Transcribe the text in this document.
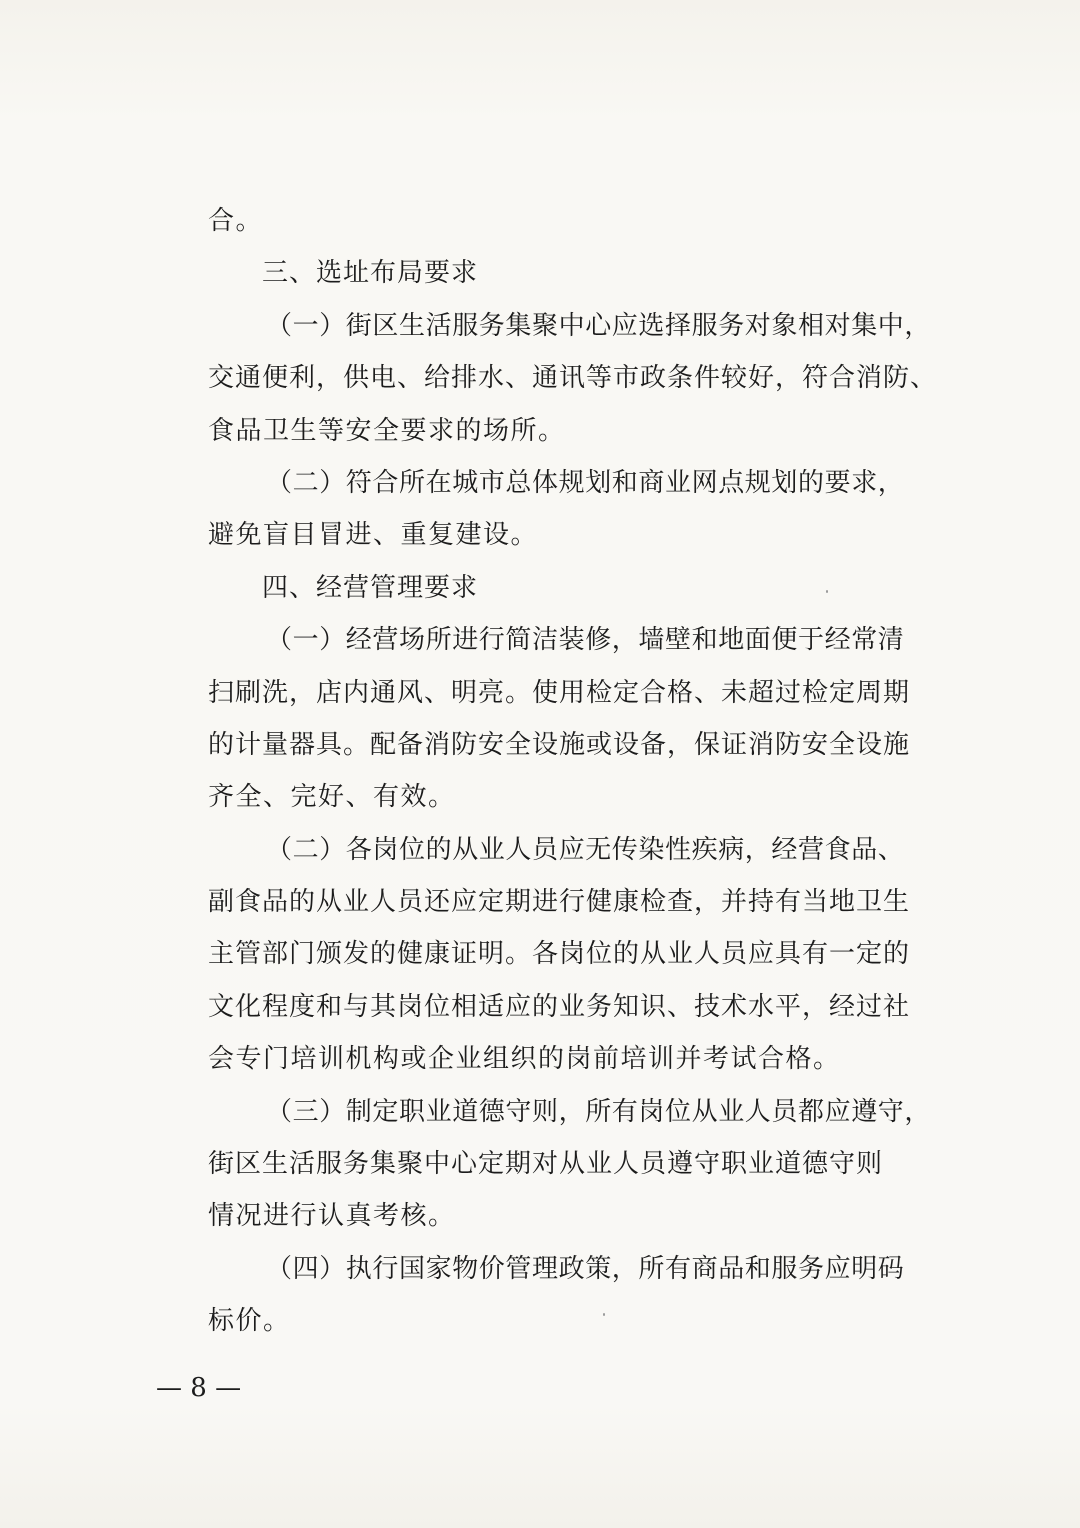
合。
三、选址布局要求
（一）街区生活服务集聚中心应选择服务对象相对集中，
交通便利，供电、给排水、通讯等市政条件较好，符合消防、
食品卫生等安全要求的场所。
（二）符合所在城市总体规划和商业网点规划的要求，
避免盲目冒进、重复建设。
四、经营管理要求
（一）经营场所进行简洁装修，墙壁和地面便于经常清
扫刷洗，店内通风、明亮。使用检定合格、未超过检定周期
的计量器具。配备消防安全设施或设备，保证消防安全设施
齐全、完好、有效。
（二）各岗位的从业人员应无传染性疾病，经营食品、
副食品的从业人员还应定期进行健康检查，并持有当地卫生
主管部门颁发的健康证明。各岗位的从业人员应具有一定的
文化程度和与其岗位相适应的业务知识、技术水平，经过社
会专门培训机构或企业组织的岗前培训并考试合格。
（三）制定职业道德守则，所有岗位从业人员都应遵守，
街区生活服务集聚中心定期对从业人员遵守职业道德守则
情况进行认真考核。
（四）执行国家物价管理政策，所有商品和服务应明码
标价。
— 8 —
